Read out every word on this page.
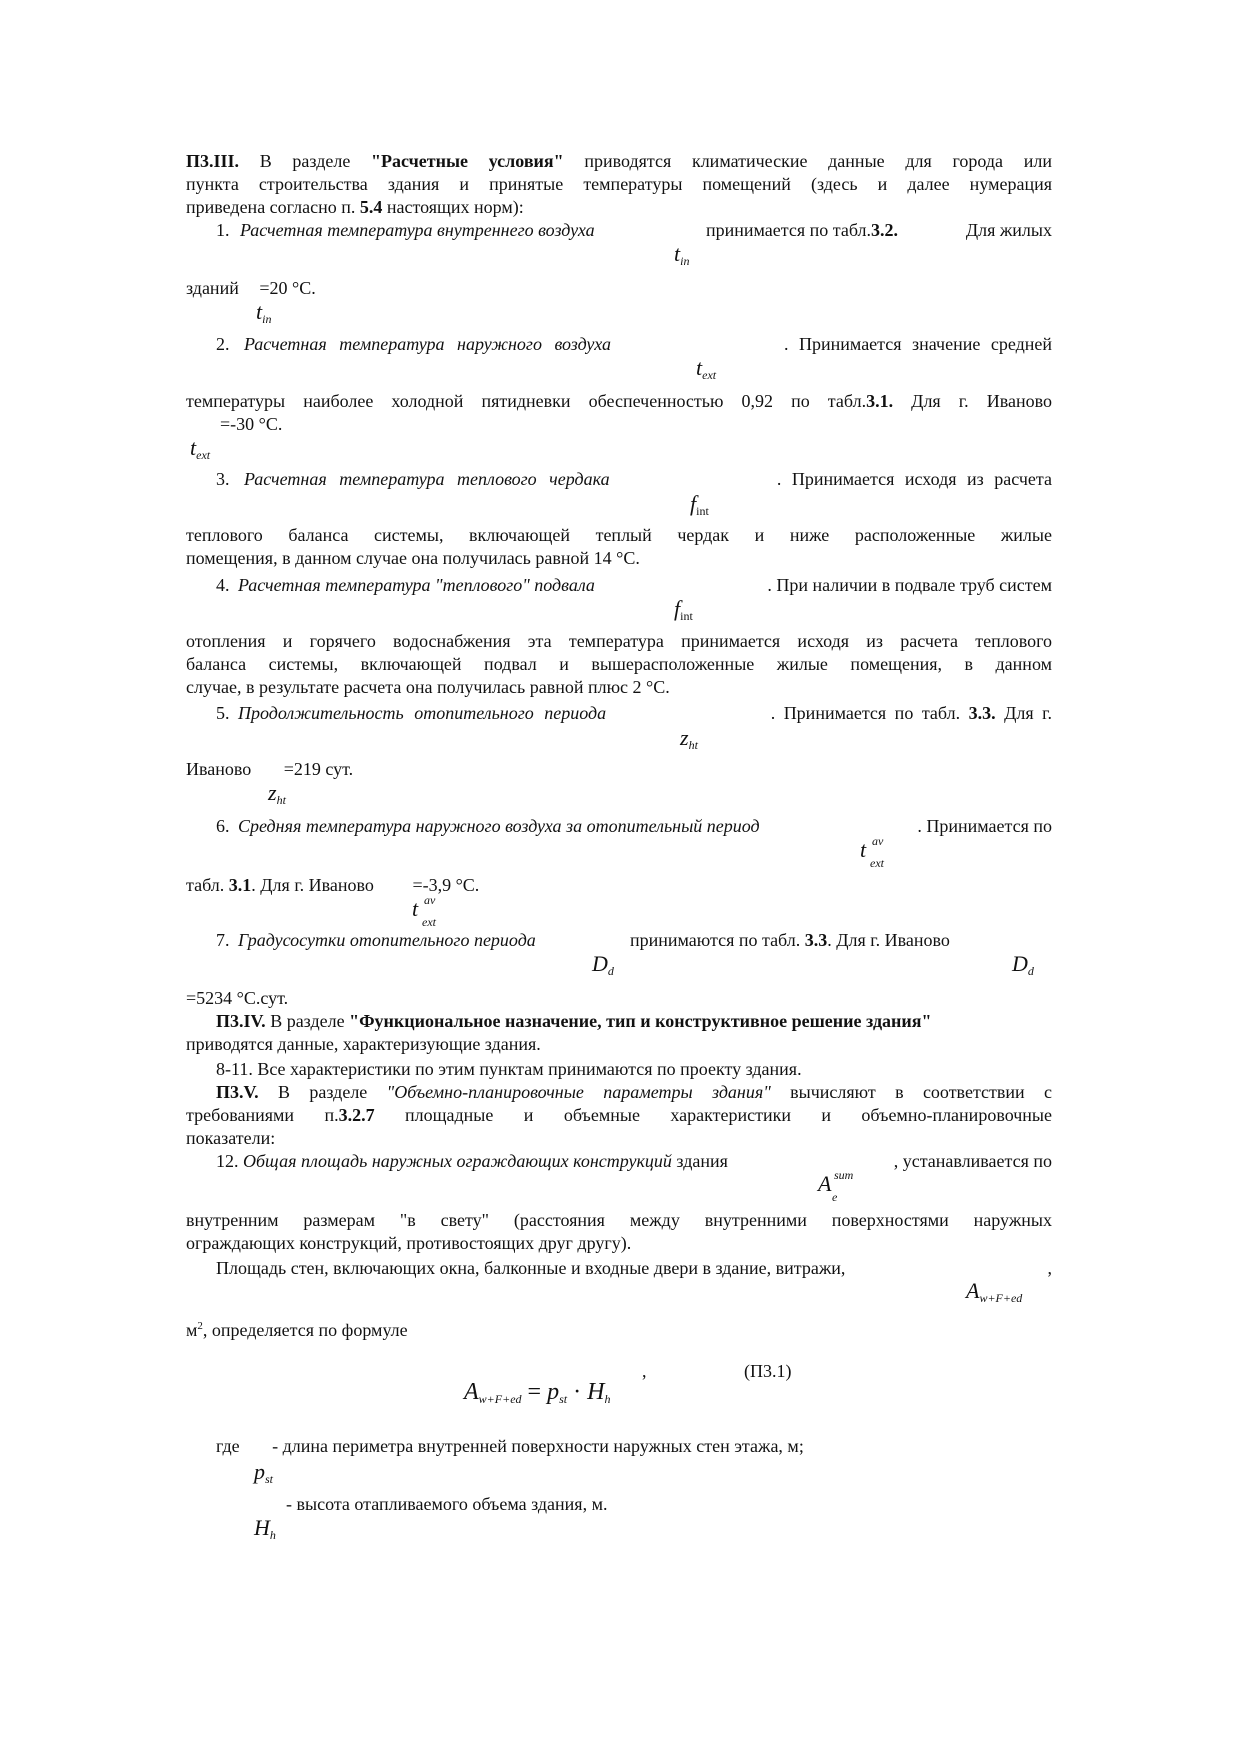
П3.III. В разделе "Расчетные условия" приводятся климатические данные для города или
пункта строительства здания и принятые температуры помещений (здесь и далее нумерация
приведена согласно п. 5.4 настоящих норм):
1. Расчетная температура внутреннего воздуха	принимается по табл.3.2.	Для жилых
$t_{in}$
зданий =20 °С.
$t_{in}$
2. Расчетная температура наружного воздуха	. Принимается значение средней
$t_{ext}$
температуры наиболее холодной пятидневки обеспеченностью 0,92 по табл.3.1. Для г. Иваново
=-30 °С.
$t_{ext}$
3. Расчетная температура теплового чердака	. Принимается исходя из расчета
$f_{int}$
теплового баланса системы, включающей теплый чердак и ниже расположенные жилые
помещения, в данном случае она получилась равной 14 °С.
4. Расчетная температура "теплового" подвала	. При наличии в подвале труб систем
$f_{int}$
отопления и горячего водоснабжения эта температура принимается исходя из расчета теплового
баланса системы, включающей подвал и вышерасположенные жилые помещения, в данном
случае, в результате расчета она получилась равной плюс 2 °С.
5. Продолжительность отопительного периода	. Принимается по табл. 3.3. Для г.
$z_{ht}$
Иваново =219 сут.
$z_{ht}$
6. Средняя температура наружного воздуха за отопительный период	. Принимается по
t av
ext
табл. 3.1. Для г. Иваново =-3,9 °С.
t av
ext
7. Градусосутки отопительного периода	принимаются по табл. 3.3. Для г. Иваново
$D_d$	$D_d$
=5234 °С.сут.
П3.IV. В разделе "Функциональное назначение, тип и конструктивное решение здания"
приводятся данные, характеризующие здания.
8-11. Все характеристики по этим пунктам принимаются по проекту здания.
П3.V. В разделе "Объемно-планировочные параметры здания" вычисляют в соответствии с
требованиями п.3.2.7 площадные и объемные характеристики и объемно-планировочные
показатели:
12. Общая площадь наружных ограждающих конструкций здания	, устанавливается по
A sum
e
внутренним размерам "в свету" (расстояния между внутренними поверхностями наружных
ограждающих конструкций, противостоящих друг другу).
Площадь стен, включающих окна, балконные и входные двери в здание, витражи,	,
$A_{w+F+ed}$
$м^2$, определяется по формуле
$A_{w+F+ed} = p_{st} \cdot H_h$
,	(П3.1)
где - длина периметра внутренней поверхности наружных стен этажа, м;
$p_{st}$
- высота отапливаемого объема здания, м.
$H_h$
